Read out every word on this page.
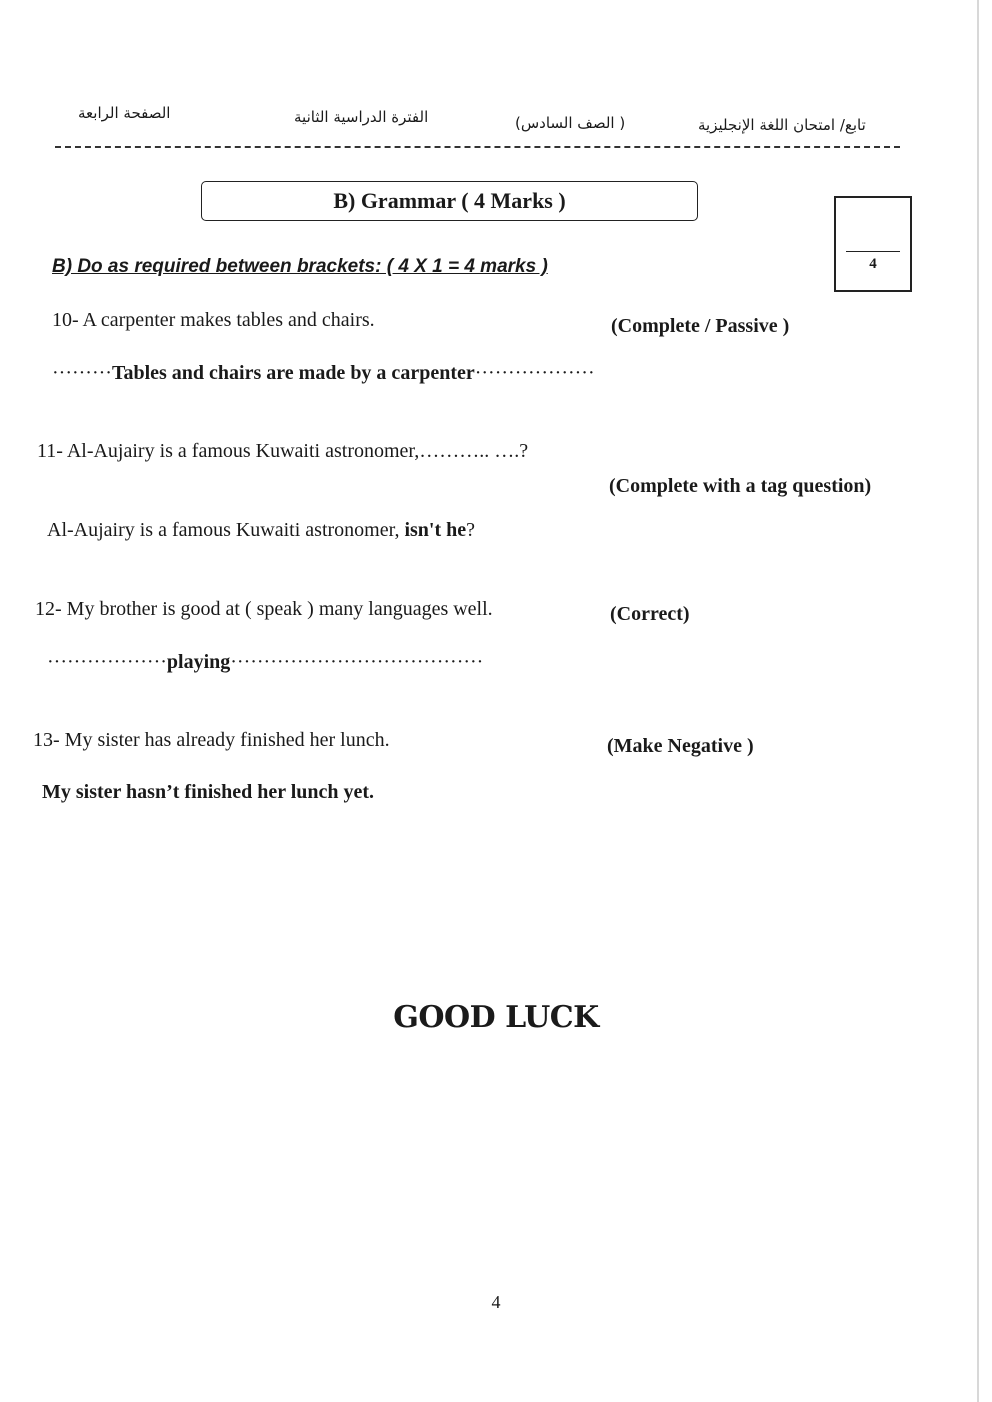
الصفحة الرابعة	الفترة الدراسية الثانية	( الصف السادس)	تابع/ امتحان اللغة الإنجليزية
B) Grammar ( 4 Marks )
4
B) Do as required between brackets: ( 4 X 1 = 4 marks )
10- A carpenter makes tables and chairs.	(Complete / Passive )
·········Tables and chairs are made by a carpenter··················
11- Al-Aujairy is a famous Kuwaiti astronomer,……….. ….?
(Complete with a tag question)
Al-Aujairy is a famous Kuwaiti astronomer, isn't he?
12- My brother is good at ( speak ) many languages well.	(Correct)
··················playing······································
13- My sister has already finished her lunch.	(Make Negative )
My sister hasn’t finished her lunch yet.
GOOD LUCK
4
